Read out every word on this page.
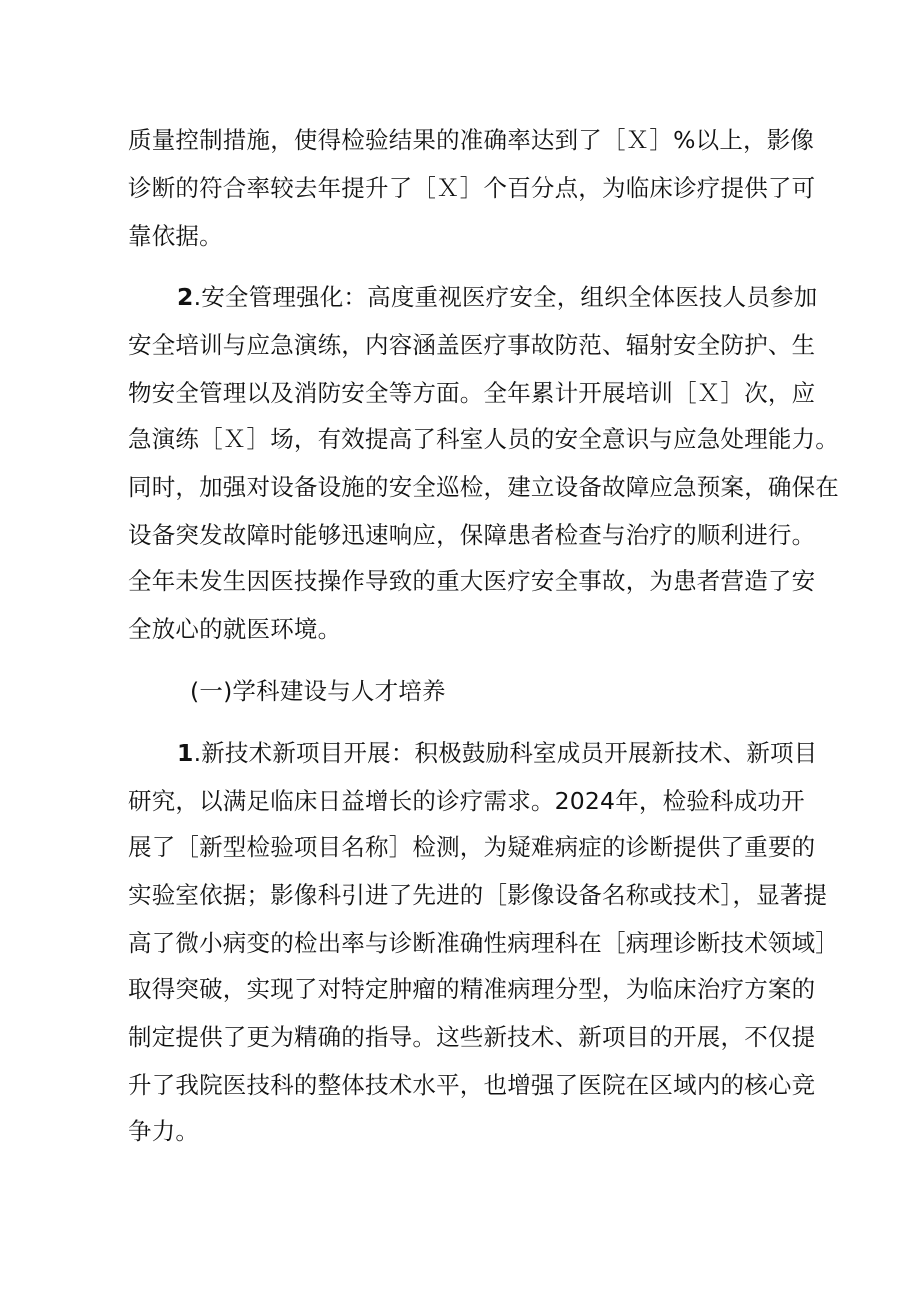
质量控制措施，使得检验结果的准确率达到了［Ｘ］%以上，影像
诊断的符合率较去年提升了［Ｘ］个百分点，为临床诊疗提供了可
靠依据。
2.安全管理强化：高度重视医疗安全，组织全体医技人员参加
安全培训与应急演练，内容涵盖医疗事故防范、辐射安全防护、生
物安全管理以及消防安全等方面。全年累计开展培训［Ｘ］次，应
急演练［Ｘ］场，有效提高了科室人员的安全意识与应急处理能力。
同时，加强对设备设施的安全巡检，建立设备故障应急预案，确保在
设备突发故障时能够迅速响应，保障患者检查与治疗的顺利进行。
全年未发生因医技操作导致的重大医疗安全事故，为患者营造了安
全放心的就医环境。
(一)学科建设与人才培养
1.新技术新项目开展：积极鼓励科室成员开展新技术、新项目
研究，以满足临床日益增长的诊疗需求。2024年，检验科成功开
展了［新型检验项目名称］检测，为疑难病症的诊断提供了重要的
实验室依据；影像科引进了先进的［影像设备名称或技术］，显著提
高了微小病变的检出率与诊断准确性病理科在［病理诊断技术领域］
取得突破，实现了对特定肿瘤的精准病理分型，为临床治疗方案的
制定提供了更为精确的指导。这些新技术、新项目的开展，不仅提
升了我院医技科的整体技术水平，也增强了医院在区域内的核心竞
争力。
